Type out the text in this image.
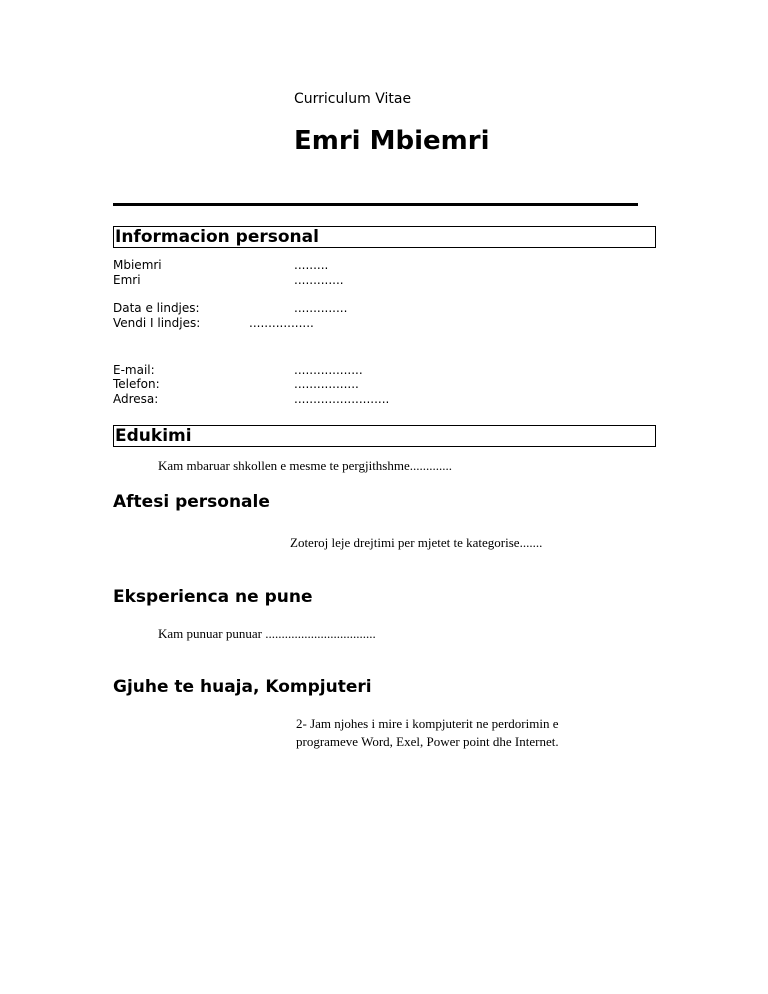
Curriculum Vitae
Emri Mbiemri
Informacion personal
Mbiemri	.........
Emri	.............
Data e lindjes:	..............
Vendi I lindjes:	.................
E-mail:	..................
Telefon:	.................
Adresa:	.........................
Edukimi
Kam mbaruar shkollen e mesme te pergjithshme.............
Aftesi personale
Zoteroj leje drejtimi per mjetet te kategorise.......
Eksperienca ne pune
Kam punuar punuar ..................................
Gjuhe te huaja, Kompjuteri
2- Jam njohes i mire i kompjuterit ne perdorimin e
programeve Word, Exel, Power point dhe Internet.
